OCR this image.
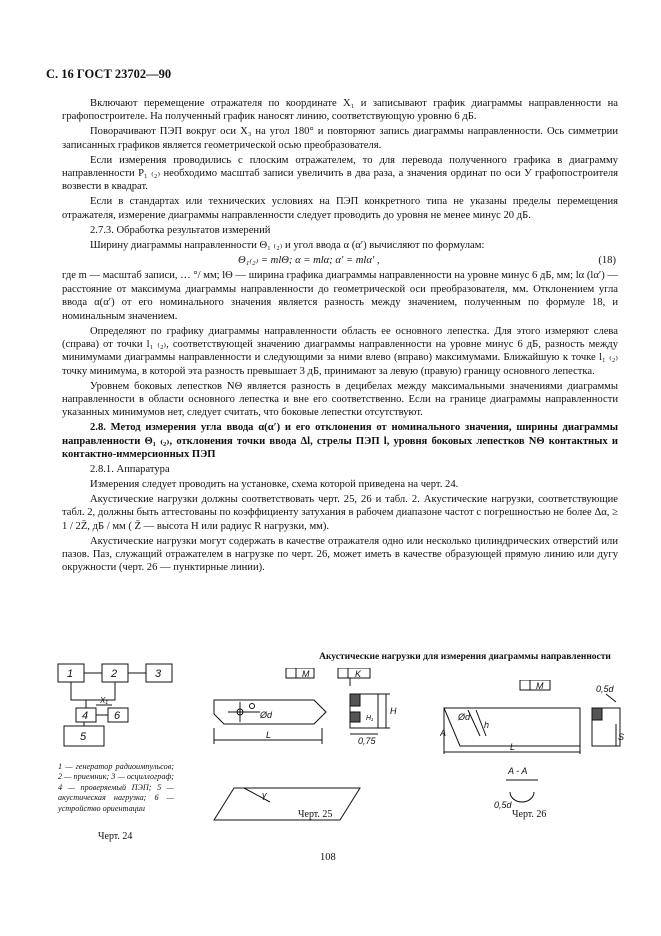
С. 16 ГОСТ 23702—90

Включают перемещение отражателя по координате X₁ и записывают график диаграммы направленности на графопостроителе. На полученный график наносят линию, соответствующую уровню 6 дБ.

Поворачивают ПЭП вокруг оси X₃ на угол 180° и повторяют запись диаграммы направленности. Ось симметрии записанных графиков является геометрической осью преобразователя.

Если измерения проводились с плоским отражателем, то для перевода полученного графика в диаграмму направленности P₁ ₍₂₎ необходимо масштаб записи увеличить в два раза, а значения ординат по оси У графопостроителя возвести в квадрат.

Если в стандартах или технических условиях на ПЭП конкретного типа не указаны пределы перемещения отражателя, измерение диаграммы направленности следует проводить до уровня не менее минус 20 дБ.

2.7.3. Обработка результатов измерений

Ширину диаграммы направленности Θ₁ ₍₂₎ и угол ввода α (α′) вычисляют по формулам:

Θ₁₍₂₎ = mlΘ; α = mlα; α′ = mlα′ ,	(18)

где m — масштаб записи, … °/ мм; lΘ — ширина графика диаграммы направленности на уровне минус 6 дБ, мм; lα (lα′) — расстояние от максимума диаграммы направленности до геометрической оси преобразователя, мм. Отклонением угла ввода α(α′) от его номинального значения является разность между значением, полученным по формуле 18, и номинальным значением.

Определяют по графику диаграммы направленности область ее основного лепестка. Для этого измеряют слева (справа) от точки l₁ ₍₂₎, соответствующей значению диаграммы направленности на уровне минус 6 дБ, разность между минимумами диаграммы направленности и следующими за ними влево (вправо) максимумами. Ближайшую к точке l₁ ₍₂₎ точку минимума, в которой эта разность превышает 3 дБ, принимают за левую (правую) границу основного лепестка.

Уровнем боковых лепестков NΘ является разность в децибелах между максимальными значениями диаграммы направленности в области основного лепестка и вне его соответственно. Если на границе диаграммы направленности указанных минимумов нет, следует считать, что боковые лепестки отсутствуют.

2.8. Метод измерения угла ввода α(α′) и его отклонения от номинального значения, ширины диаграммы направленности Θ₁ ₍₂₎, отклонения точки ввода Δl, стрелы ПЭП l, уровня боковых лепестков NΘ контактных и контактно-иммерсионных ПЭП

2.8.1. Аппаратура

Измерения следует проводить на установке, схема которой приведена на черт. 24.

Акустические нагрузки должны соответствовать черт. 25, 26 и табл. 2. Акустические нагрузки, соответствующие табл. 2, должны быть аттестованы по коэффициенту затухания в рабочем диапазоне частот с погрешностью не более Δα, ≥ 1 / 2Z̄, дБ / мм ( Z̄ — высота H или радиус R нагрузки, мм).

Акустические нагрузки могут содержать в качестве отражателя одно или несколько цилиндрических отверстий или пазов. Паз, служащий отражателем в нагрузке по черт. 26, может иметь в качестве образующей прямую линию или дугу окружности (черт. 26 — пунктирные линии).

Акустические нагрузки для измерения диаграммы направленности
1	2	3
4 6
5
X₁
1 — генератор радиоимпульсов; 2 — приемник; 3 — осциллограф; 4 — проверяемый ПЭП; 5 — акустическая нагрузка; 6 — устройство ориентации
Черт. 24
M	K
Ød
L
H
H₁
0,75
γ
Черт. 25
M	0,5d
h
Ød
A
L
S
A - A
0,5d
Черт. 26
108
